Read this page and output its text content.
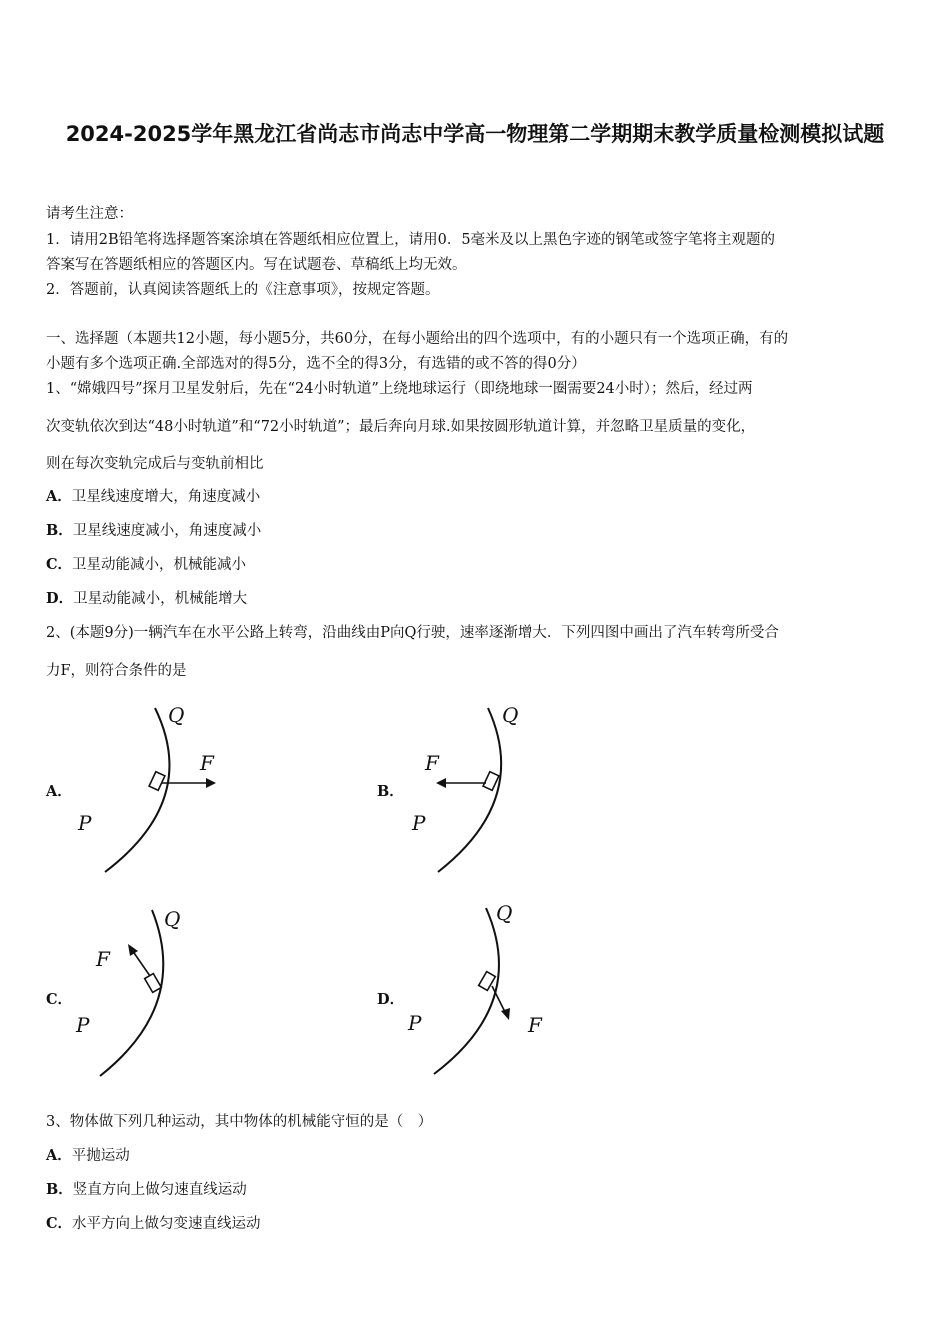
2024-2025学年黑龙江省尚志市尚志中学高一物理第二学期期末教学质量检测模拟试题
请考生注意：
1．请用2B铅笔将选择题答案涂填在答题纸相应位置上，请用0．5毫米及以上黑色字迹的钢笔或签字笔将主观题的
答案写在答题纸相应的答题区内。写在试题卷、草稿纸上均无效。
2．答题前，认真阅读答题纸上的《注意事项》，按规定答题。
一、选择题（本题共12小题，每小题5分，共60分，在每小题给出的四个选项中，有的小题只有一个选项正确，有的
小题有多个选项正确.全部选对的得5分，选不全的得3分，有选错的或不答的得0分）
1、“嫦娥四号”探月卫星发射后，先在“24小时轨道”上绕地球运行（即绕地球一圈需要24小时）；然后，经过两
次变轨依次到达“48小时轨道”和“72小时轨道”；最后奔向月球.如果按圆形轨道计算，并忽略卫星质量的变化，
则在每次变轨完成后与变轨前相比
A．卫星线速度增大，角速度减小
B．卫星线速度减小，角速度减小
C．卫星动能减小，机械能减小
D．卫星动能减小，机械能增大
2、(本题9分)一辆汽车在水平公路上转弯，沿曲线由P向Q行驶，速率逐渐增大．下列四图中画出了汽车转弯所受合
力F，则符合条件的是
A．
Q
F
P
B．
Q
F
P
C．
Q
F
P
D．
Q
F
P
3、物体做下列几种运动，其中物体的机械能守恒的是（　）
A．平抛运动
B．竖直方向上做匀速直线运动
C．水平方向上做匀变速直线运动
